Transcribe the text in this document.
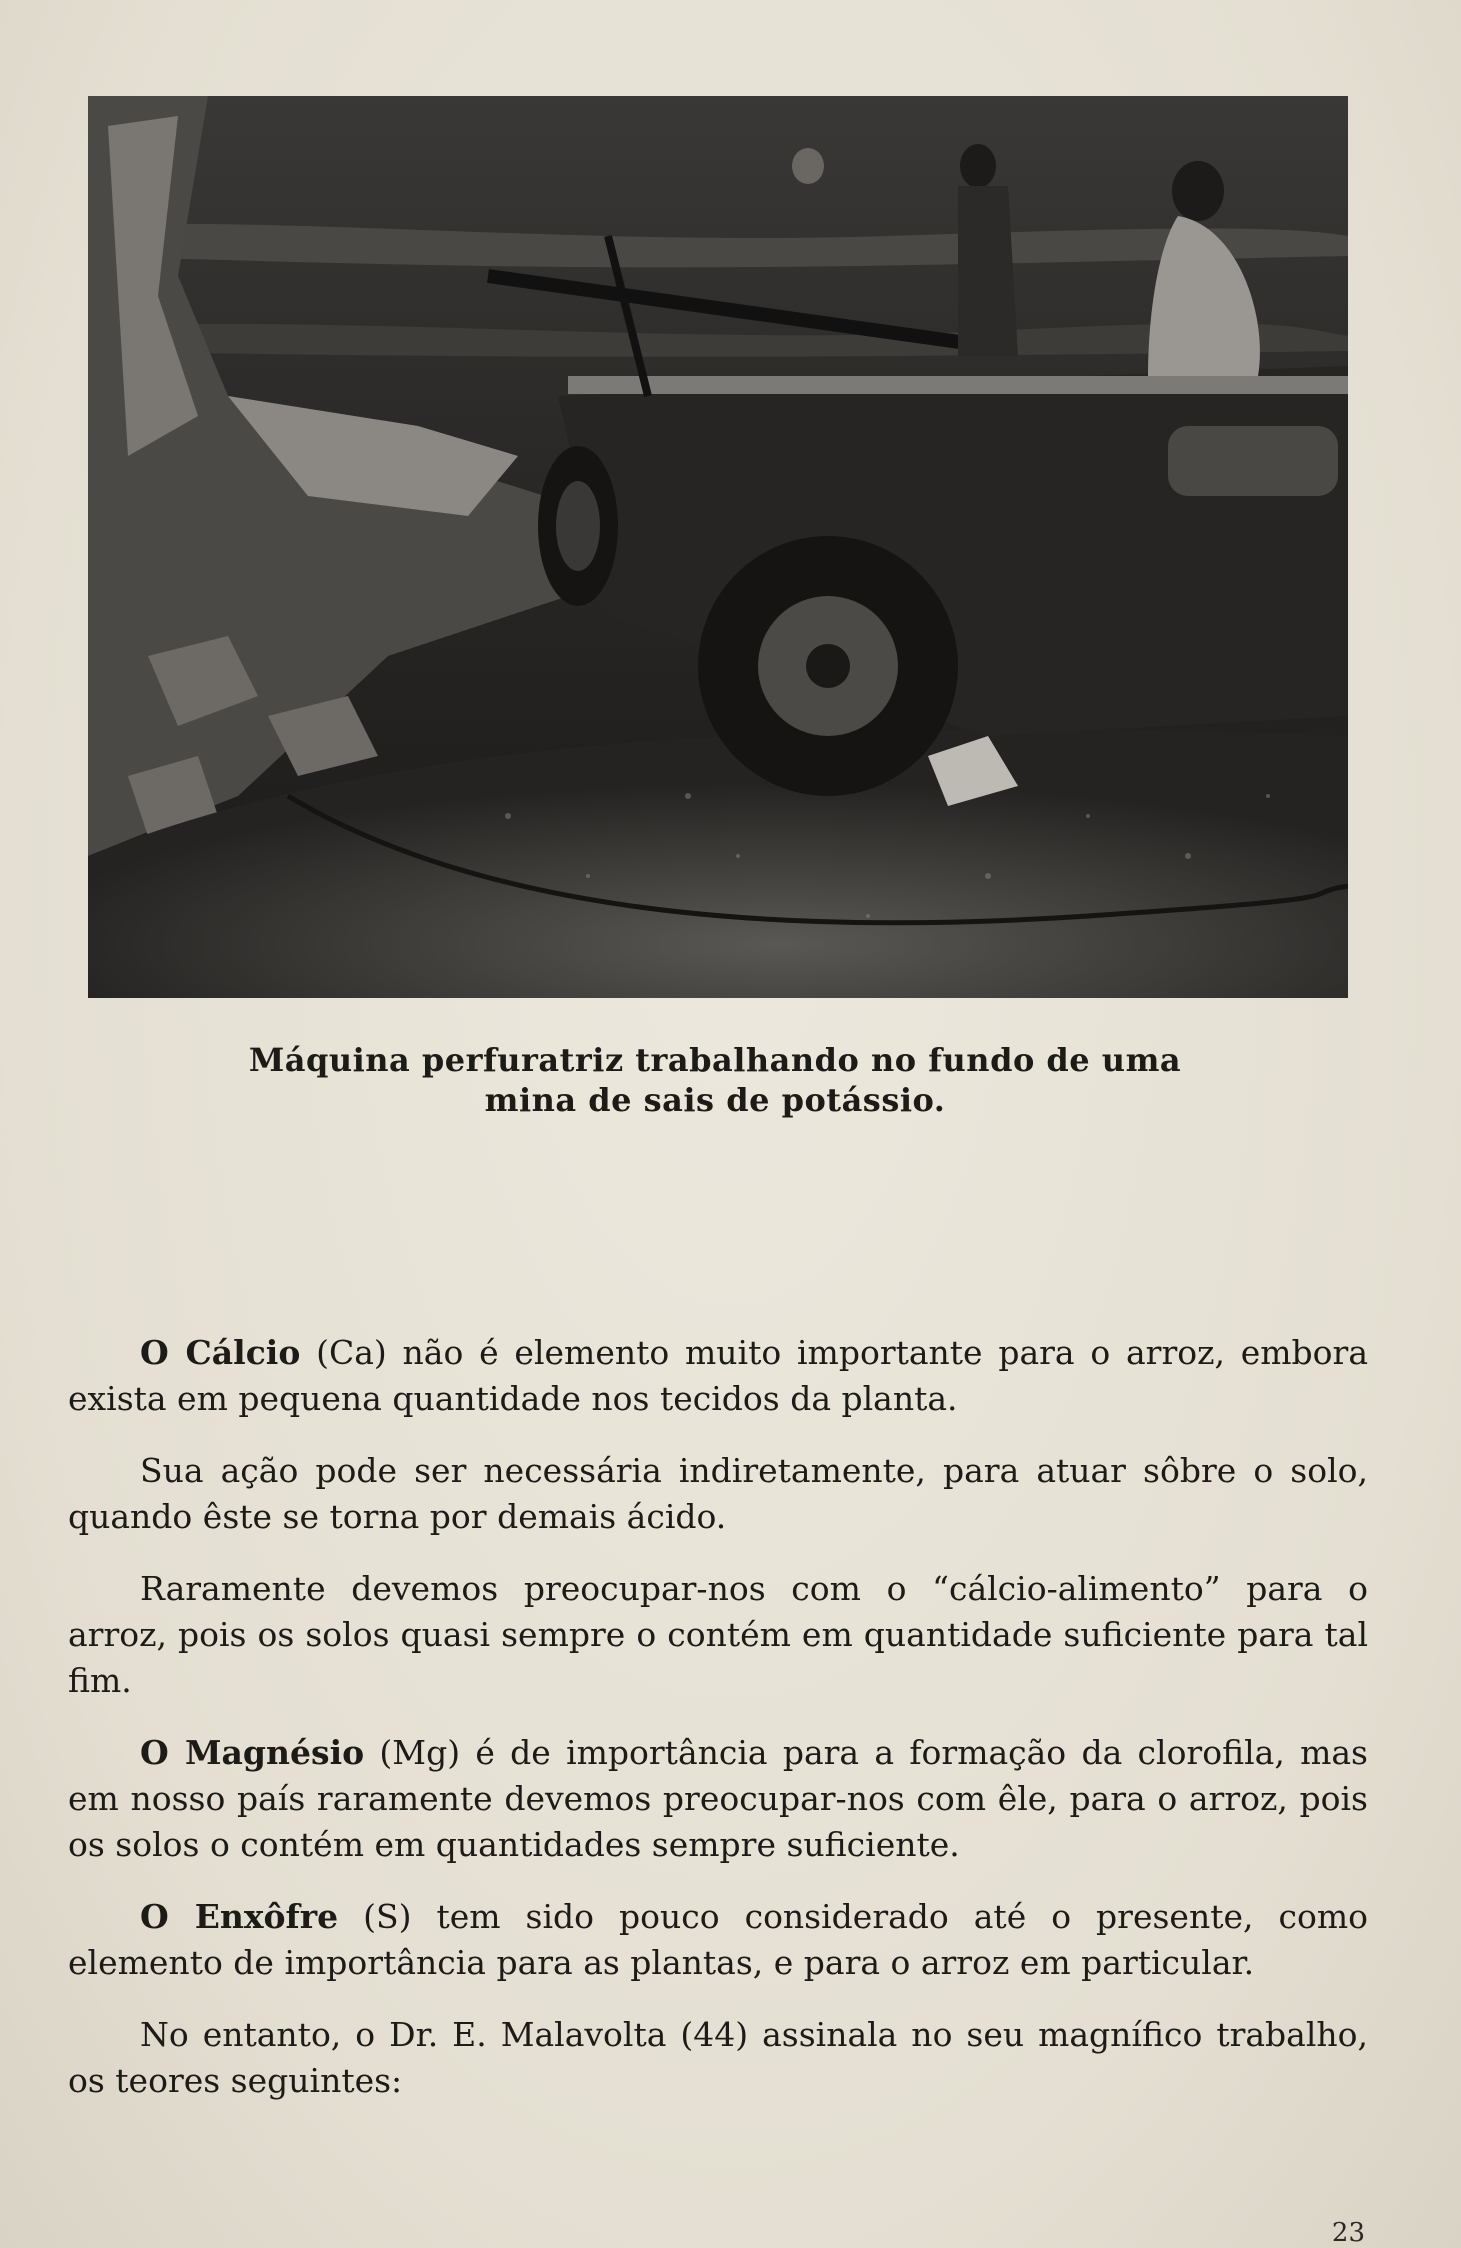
Máquina perfuratriz trabalhando no fundo de uma
mina de sais de potássio.

O Cálcio (Ca) não é elemento muito importante para o arroz, embora exista em pequena quantidade nos tecidos da planta.

Sua ação pode ser necessária indiretamente, para atuar sôbre o solo, quando êste se torna por demais ácido.

Raramente devemos preocupar-nos com o “cálcio-alimento” para o arroz, pois os solos quasi sempre o contém em quantidade suficiente para tal fim.

O Magnésio (Mg) é de importância para a formação da clorofila, mas em nosso país raramente devemos preocupar-nos com êle, para o arroz, pois os solos o contém em quantidades sempre suficiente.

O Enxôfre (S) tem sido pouco considerado até o presente, como elemento de importância para as plantas, e para o arroz em particular.

No entanto, o Dr. E. Malavolta (44) assinala no seu magnífico trabalho, os teores seguintes:

23
